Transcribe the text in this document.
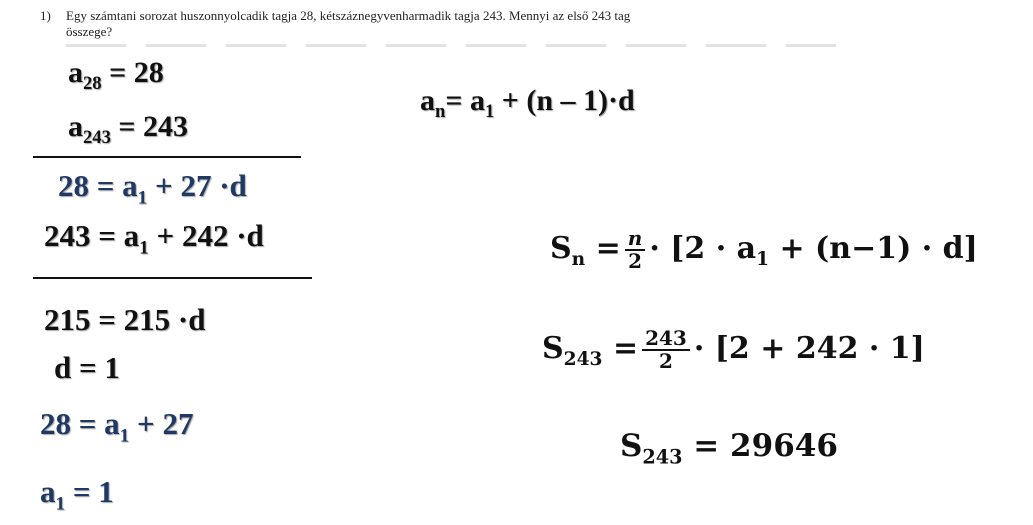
1) Egy számtani sorozat huszonnyolcadik tagja 28, kétszáznegyvenharmadik tagja 243. Mennyi az első 243 tag
összege?
$a_{28} = 28$
$a_{243} = 243$
$28 = a_1 + 27 \cdot d$
$243 = a_1 + 242 \cdot d$
215 = 215 ·d
d = 1
$28 = a_1 + 27$
$a_1 = 1$
$a_n= a_1 + (n - 1)\cdot d$
$S_n = \frac{n}{2} \cdot [2 \cdot a_1 + (n-1) \cdot d]$
$S_{243} = \frac{243}{2} \cdot [2 + 242 \cdot 1]$
$S_{243} = 29646$
